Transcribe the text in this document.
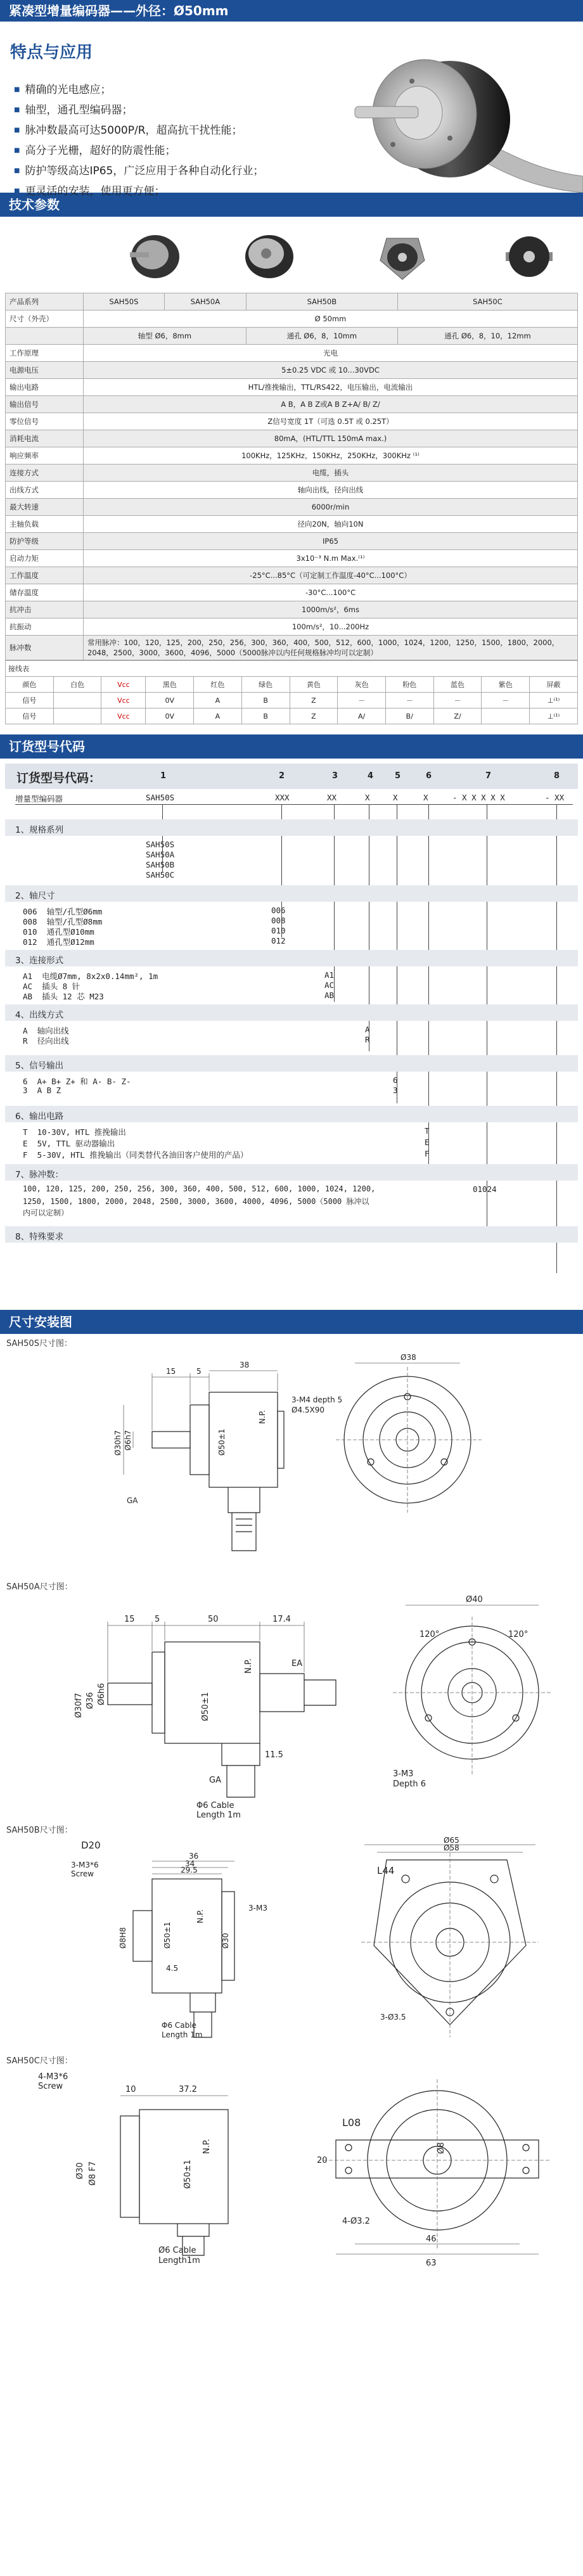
紧凑型增量编码器——外径：Ø50mm
特点与应用
■ 精确的光电感应；
■ 轴型，通孔型编码器；
■ 脉冲数最高可达5000P/R，超高抗干扰性能；
■ 高分子光栅，超好的防震性能；
■ 防护等级高达IP65，广泛应用于各种自动化行业；
■ 更灵活的安装，使用更方便；
技术参数
产品系列	SAH50S	SAH50A	SAH50B	SAH50C
尺寸（外壳）	Ø 50mm			
	轴型 Ø6，8mm		通孔 Ø6，8，10mm	通孔 Ø6，8，10，12mm
工作原理	光电			
电源电压	5±0.25 VDC 或 10...30VDC			
输出电路	HTL/推挽输出，TTL/RS422，电压输出，电流输出			
输出信号	A B，A B Z或A B Z+A/ B/ Z/			
零位信号	Z信号宽度 1T（可选 0.5T 或 0.25T）			
消耗电流	80mA，(HTL/TTL 150mA max.)			
响应频率	100KHz，125KHz，150KHz，250KHz，300KHz ⁽¹⁾			
连接方式	电缆，插头			
出线方式	轴向出线，径向出线			
最大转速	6000r/min			
主轴负载	径向20N，轴向10N			
防护等级	IP65			
启动力矩	3x10⁻³ N.m Max.⁽¹⁾			
工作温度	-25°C...85°C（可定制工作温度-40°C...100°C）			
储存温度	-30°C...100°C			
抗冲击	1000m/s²，6ms			
抗振动	100m/s²，10...200Hz			
脉冲数	常用脉冲：100，120，125，200，250，256，300，360，400，500，512，600，1000，1024，1200，1250，1500，1800，2000，2048，2500，3000，3600，4096，5000（5000脉冲以内任何规格脉冲均可以定制）			
接线表											
颜色	白色	Vcc	黑色	红色	绿色	黄色	灰色	粉色	蓝色	紫色	屏蔽
信号		Vcc	0V	A	B	Z	－	－	－	－	⊥⁽¹⁾
信号		Vcc	0V	A	B	Z	A/	B/	Z/		⊥⁽¹⁾
订货型号代码
订货型号代码：	1	2	3	4	5	6	7	8
增量型编码器	SAH50S	XXX	XX	X	X	X	- X X X X X	- XX
1、规格系列
SAH50S
SAH50A
SAH50B
SAH50C
2、轴尺寸
006  轴型/孔型Ø6mm
008  轴型/孔型Ø8mm
010  通孔型Ø10mm
012  通孔型Ø12mm
006
008
010
012
3、连接形式
A1  电缆Ø7mm, 8x2x0.14mm², 1m
AC  插头 8 针
AB  插头 12 芯 M23
A1
AC
AB
4、出线方式
A  轴向出线
R  径向出线
A
R
5、信号输出
6  A+ B+ Z+ 和 A- B- Z-
3  A B Z
6
3
6、输出电路
T  10-30V, HTL 推挽输出
E  5V, TTL 驱动器输出
F  5-30V, HTL 推挽输出（同类替代各油田客户使用的产品）
T
E
F
7、脉冲数：
100, 120, 125, 200, 250, 256, 300, 360, 400, 500, 512, 600, 1000, 1024, 1200,
1250, 1500, 1800, 2000, 2048, 2500, 3000, 3600, 4000, 4096, 5000（5000 脉冲以
内可以定制）
01024
8、特殊要求
尺寸安装图
SAH50S尺寸图：
15	5
38
Ø38
3-M4 depth 5
Ø4.5X90
GA
N.P.
Ø50±1
Ø30h7 Ø6h7
SAH50A尺寸图：
15 5	50	17.4
Ø40
EA
11.5
GA
Φ6 Cable
Length 1m
3-M3
Depth 6
120°	120°
N.P.
Ø50±1
Ø30f7 Ø36 Ø6h6
SAH50B尺寸图：
D20
3-M3*6
Screw
36
34
29.5
3-M3
Ø65
Ø58
L44
4.5
3-Ø3.5
Φ6 Cable
Length 1m
N.P.
Ø50±1
Ø8H8	Ø30
SAH50C尺寸图：
4-M3*6
Screw	10	37.2
L08
20
4-Ø3.2
46
63
Ø6 Cable
Length1m
N.P.
Ø50±1
Ø30 Ø8 F7
Ø8
